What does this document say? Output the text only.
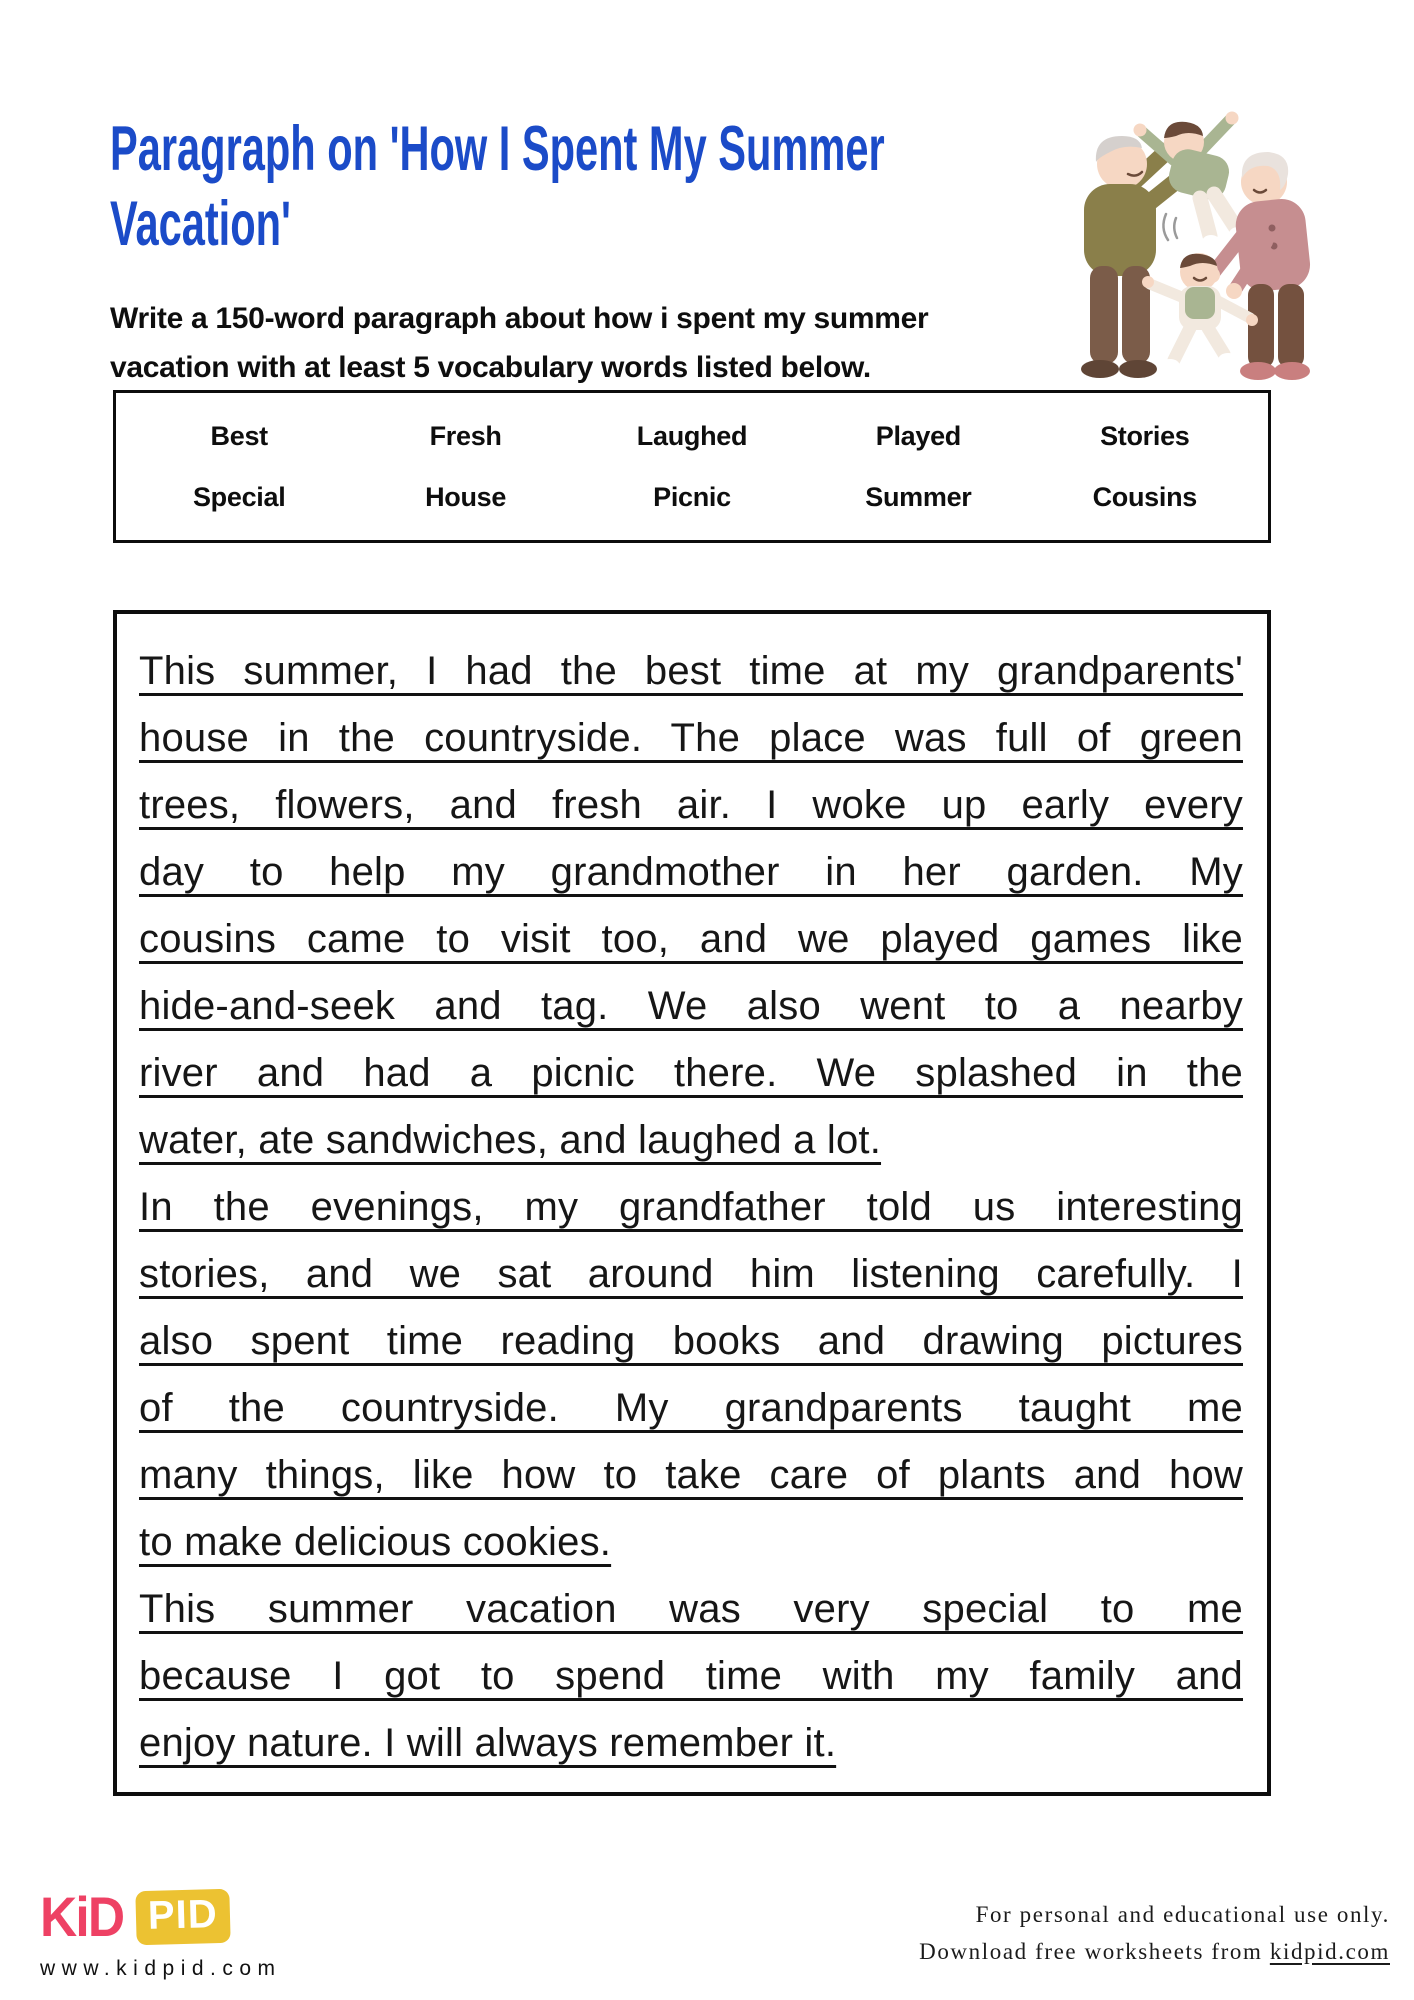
Paragraph on 'How I Spent My Summer
Vacation'
Write a 150-word paragraph about how i spent my summer vacation with at least 5 vocabulary words listed below.
Best	Fresh	Laughed	Played	Stories
Special	House	Picnic	Summer	Cousins
This summer, I had the best time at my grandparents'
house in the countryside. The place was full of green
trees, flowers, and fresh air. I woke up early every
day to help my grandmother in her garden. My
cousins came to visit too, and we played games like
hide-and-seek and tag. We also went to a nearby
river and had a picnic there. We splashed in the
water, ate sandwiches, and laughed a lot.
In the evenings, my grandfather told us interesting
stories, and we sat around him listening carefully. I
also spent time reading books and drawing pictures
of the countryside. My grandparents taught me
many things, like how to take care of plants and how
to make delicious cookies.
This summer vacation was very special to me
because I got to spend time with my family and
enjoy nature. I will always remember it.
KiD PID
www.kidpid.com
For personal and educational use only.
Download free worksheets from kidpid.com
